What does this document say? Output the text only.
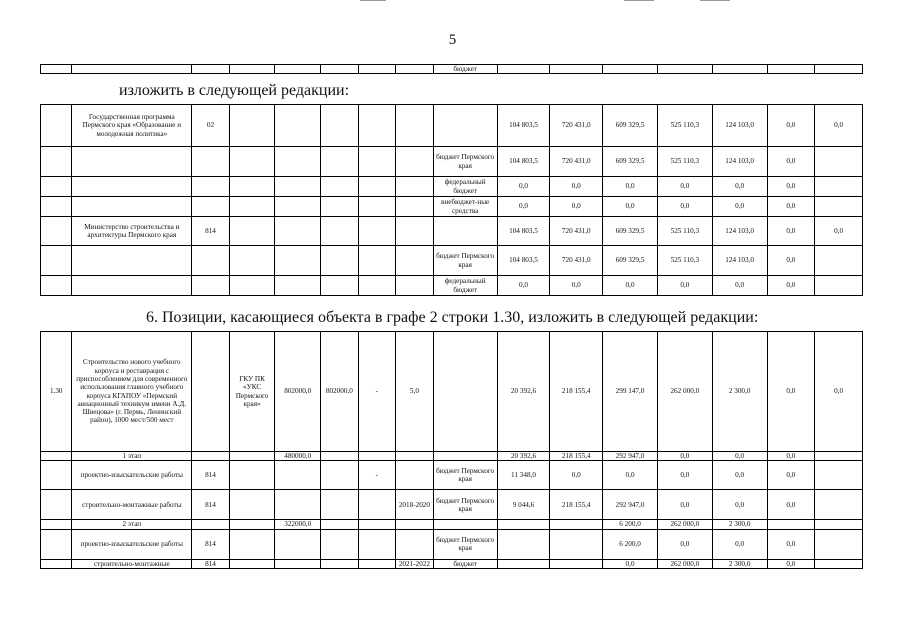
5
								бюджет							
изложить в следующей редакции:
	Государственная программа Пермского края «Образование и молодежная политика»	02							104 803,5	720 431,0	609 329,5	525 110,3	124 103,0	0,0	0,0
								бюджет Пермского края	104 803,5	720 431,0	609 329,5	525 110,3	124 103,0	0,0	
								федеральный бюджет	0,0	0,0	0,0	0,0	0,0	0,0	
								внебюджет-ные средства	0,0	0,0	0,0	0,0	0,0	0,0	
	Министерство строительства и архитектуры Пермского края	814							104 803,5	720 431,0	609 329,5	525 110,3	124 103,0	0,0	0,0
								бюджет Пермского края	104 803,5	720 431,0	609 329,5	525 110,3	124 103,0	0,0	
								федеральный бюджет	0,0	0,0	0,0	0,0	0,0	0,0	
6. Позиции, касающиеся объекта в графе 2 строки 1.30, изложить в следующей редакции:
1.30	Строительство нового учебного корпуса и реставрация с приспособлением для современного использования главного учебного корпуса КГАПОУ «Пермский авиационный техникум имени А.Д. Швецова» (г. Пермь, Ленинский район), 1000 мест/500 мест		ГКУ ПК «УКС Пермского края»	802000,0	802000,0	-	5,0		20 392,6	218 155,4	299 147,0	262 000,0	2 300,0	0,0	0,0
	1 этап			480000,0					20 392,6	218 155,4	292 947,0	0,0	0,0	0,0	
	проектно-изыскательские работы	814				-		бюджет Пермского края	11 348,0	0,0	0,0	0,0	0,0	0,0	
	строительно-монтажные работы	814					2018-2020	бюджет Пермского края	9 044,6	218 155,4	292 947,0	0,0	0,0	0,0	
	2 этап			322000,0							6 200,0	262 000,0	2 300,0		
	проектно-изыскательские работы	814						бюджет Пермского края			6 200,0	0,0	0,0	0,0	
	строительно-монтажные	814					2021-2022	бюджет			0,0	262 000,0	2 300,0	0,0	
